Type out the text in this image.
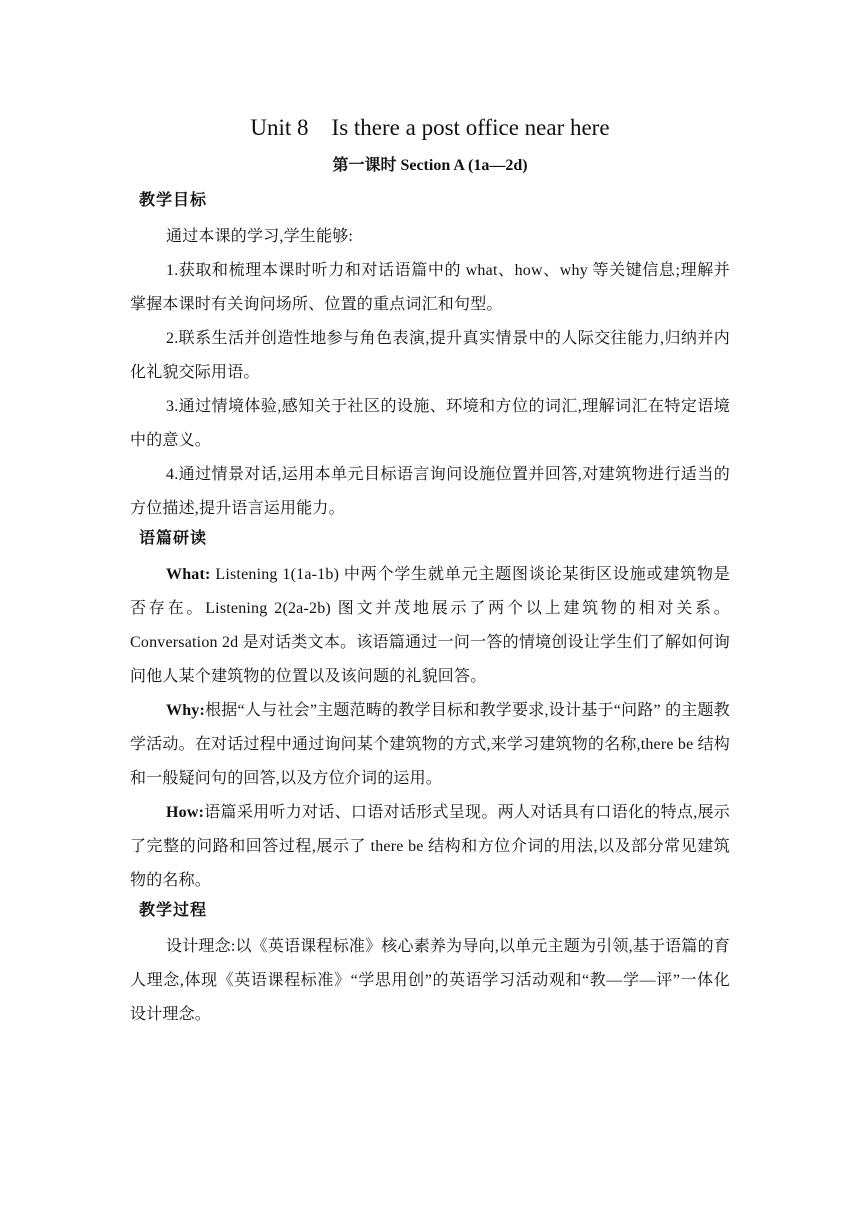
Unit 8    Is there a post office near here
第一课时 Section A (1a—2d)
教学目标
通过本课的学习,学生能够:
1.获取和梳理本课时听力和对话语篇中的 what、how、why 等关键信息;理解并掌握本课时有关询问场所、位置的重点词汇和句型。
2.联系生活并创造性地参与角色表演,提升真实情景中的人际交往能力,归纳并内化礼貌交际用语。
3.通过情境体验,感知关于社区的设施、环境和方位的词汇,理解词汇在特定语境中的意义。
4.通过情景对话,运用本单元目标语言询问设施位置并回答,对建筑物进行适当的方位描述,提升语言运用能力。
语篇研读
What: Listening 1(1a-1b) 中两个学生就单元主题图谈论某街区设施或建筑物是否存在。Listening 2(2a-2b) 图文并茂地展示了两个以上建筑物的相对关系。Conversation 2d 是对话类文本。该语篇通过一问一答的情境创设让学生们了解如何询问他人某个建筑物的位置以及该问题的礼貌回答。
Why:根据“人与社会”主题范畴的教学目标和教学要求,设计基于“问路” 的主题教学活动。在对话过程中通过询问某个建筑物的方式,来学习建筑物的名称,there be 结构和一般疑问句的回答,以及方位介词的运用。
How:语篇采用听力对话、口语对话形式呈现。两人对话具有口语化的特点,展示了完整的问路和回答过程,展示了 there be 结构和方位介词的用法,以及部分常见建筑物的名称。
教学过程
设计理念:以《英语课程标准》核心素养为导向,以单元主题为引领,基于语篇的育人理念,体现《英语课程标准》“学思用创”的英语学习活动观和“教—学—评”一体化设计理念。
